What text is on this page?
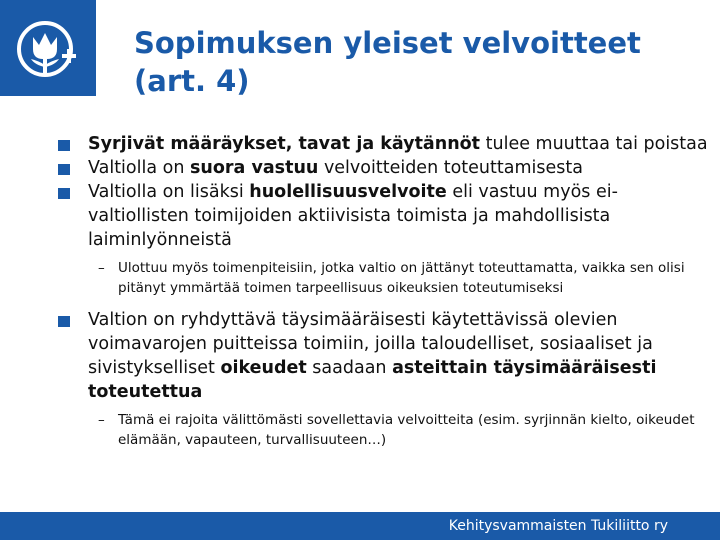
Sopimuksen yleiset velvoitteet
(art. 4)
Syrjivät määräykset, tavat ja käytännöt tulee muuttaa tai poistaa
Valtiolla on suora vastuu velvoitteiden toteuttamisesta
Valtiolla on lisäksi huolellisuusvelvoite eli vastuu myös ei-valtiollisten toimijoiden aktiivisista toimista ja mahdollisista laiminlyönneistä
– Ulottuu myös toimenpiteisiin, jotka valtio on jättänyt toteuttamatta, vaikka sen olisi pitänyt ymmärtää toimen tarpeellisuus oikeuksien toteutumiseksi
Valtion on ryhdyttävä täysimääräisesti käytettävissä olevien voimavarojen puitteissa toimiin, joilla taloudelliset, sosiaaliset ja sivistykselliset oikeudet saadaan asteittain täysimääräisesti toteutettua
– Tämä ei rajoita välittömästi sovellettavia velvoitteita (esim. syrjinnän kielto, oikeudet elämään, vapauteen, turvallisuuteen…)
Kehitysvammaisten Tukiliitto ry
